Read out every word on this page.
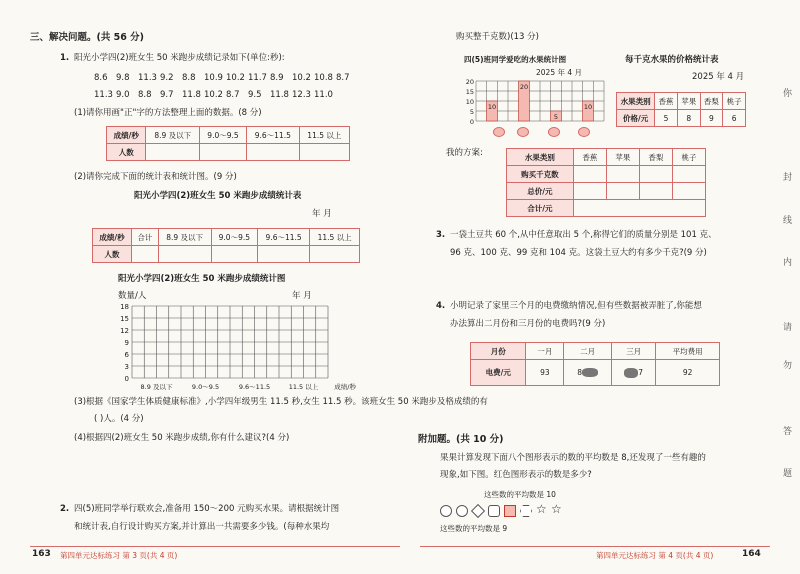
三、解决问题。(共 56 分)
1. 阳光小学四(2)班女生 50 米跑步成绩记录如下(单位:秒):
8.6 9.8 11.3 9.2 8.8 10.9 10.2 11.7 8.9 10.2 10.8 8.7
11.3 9.0 8.8 9.7 11.8 10.2 8.7 9.5 11.8 12.3 11.0
(1)请你用画"正"字的方法整理上面的数据。(8 分)
成绩/秒	8.9 及以下	9.0～9.5	9.6～11.5	11.5 以上
人数				
(2)请你完成下面的统计表和统计图。(9 分)
阳光小学四(2)班女生 50 米跑步成绩统计表
年 月
成绩/秒	合计	8.9 及以下	9.0～9.5	9.6～11.5	11.5 以上
人数					
阳光小学四(2)班女生 50 米跑步成绩统计图
数量/人	年 月
18
15
12
9
6
3
0
8.9 及以下	9.0～9.5	9.6～11.5	11.5 以上 成绩/秒
(3)根据《国家学生体质健康标准》,小学四年级男生 11.5 秒,女生 11.5 秒。该班女生 50 米跑步及格成绩的有
( )人。(4 分)
(4)根据四(2)班女生 50 米跑步成绩,你有什么建议?(4 分)
2. 四(5)班同学举行联欢会,准备用 150～200 元购买水果。请根据统计图
和统计表,自行设计购买方案,并计算出一共需要多少钱。(每种水果均
163 第四单元达标练习 第 3 页(共 4 页)
购买整千克数)(13 分)
四(5)班同学爱吃的水果统计图
2025 年 4 月
20
15
10
5
0
10
20
5
10
每千克水果的价格统计表
2025 年 4 月
水果类别	香蕉	苹果	香梨	桃子
价格/元	5	8	9	6
我的方案:	水果类别	香蕉	苹果	香梨	桃子
购买千克数				
总价/元				
合计/元				
3. 一袋土豆共 60 个,从中任意取出 5 个,称得它们的质量分别是 101 克、
96 克、100 克、99 克和 104 克。这袋土豆大约有多少千克?(9 分)
4. 小明记录了家里三个月的电费缴纳情况,但有些数据被弄脏了,你能想
办法算出二月份和三月份的电费吗?(9 分)
月份	一月	二月	三月	平均费用
电费/元	93	8	7	92
附加题。(共 10 分)
果果计算发现下面八个图形表示的数的平均数是 8,还发现了一些有趣的
现象,如下图。红色图形表示的数是多少?
这些数的平均数是 10
☆ ☆
这些数的平均数是 9
第四单元达标练习 第 4 页(共 4 页)	164
你
封
线
内
请
勿
答
题
